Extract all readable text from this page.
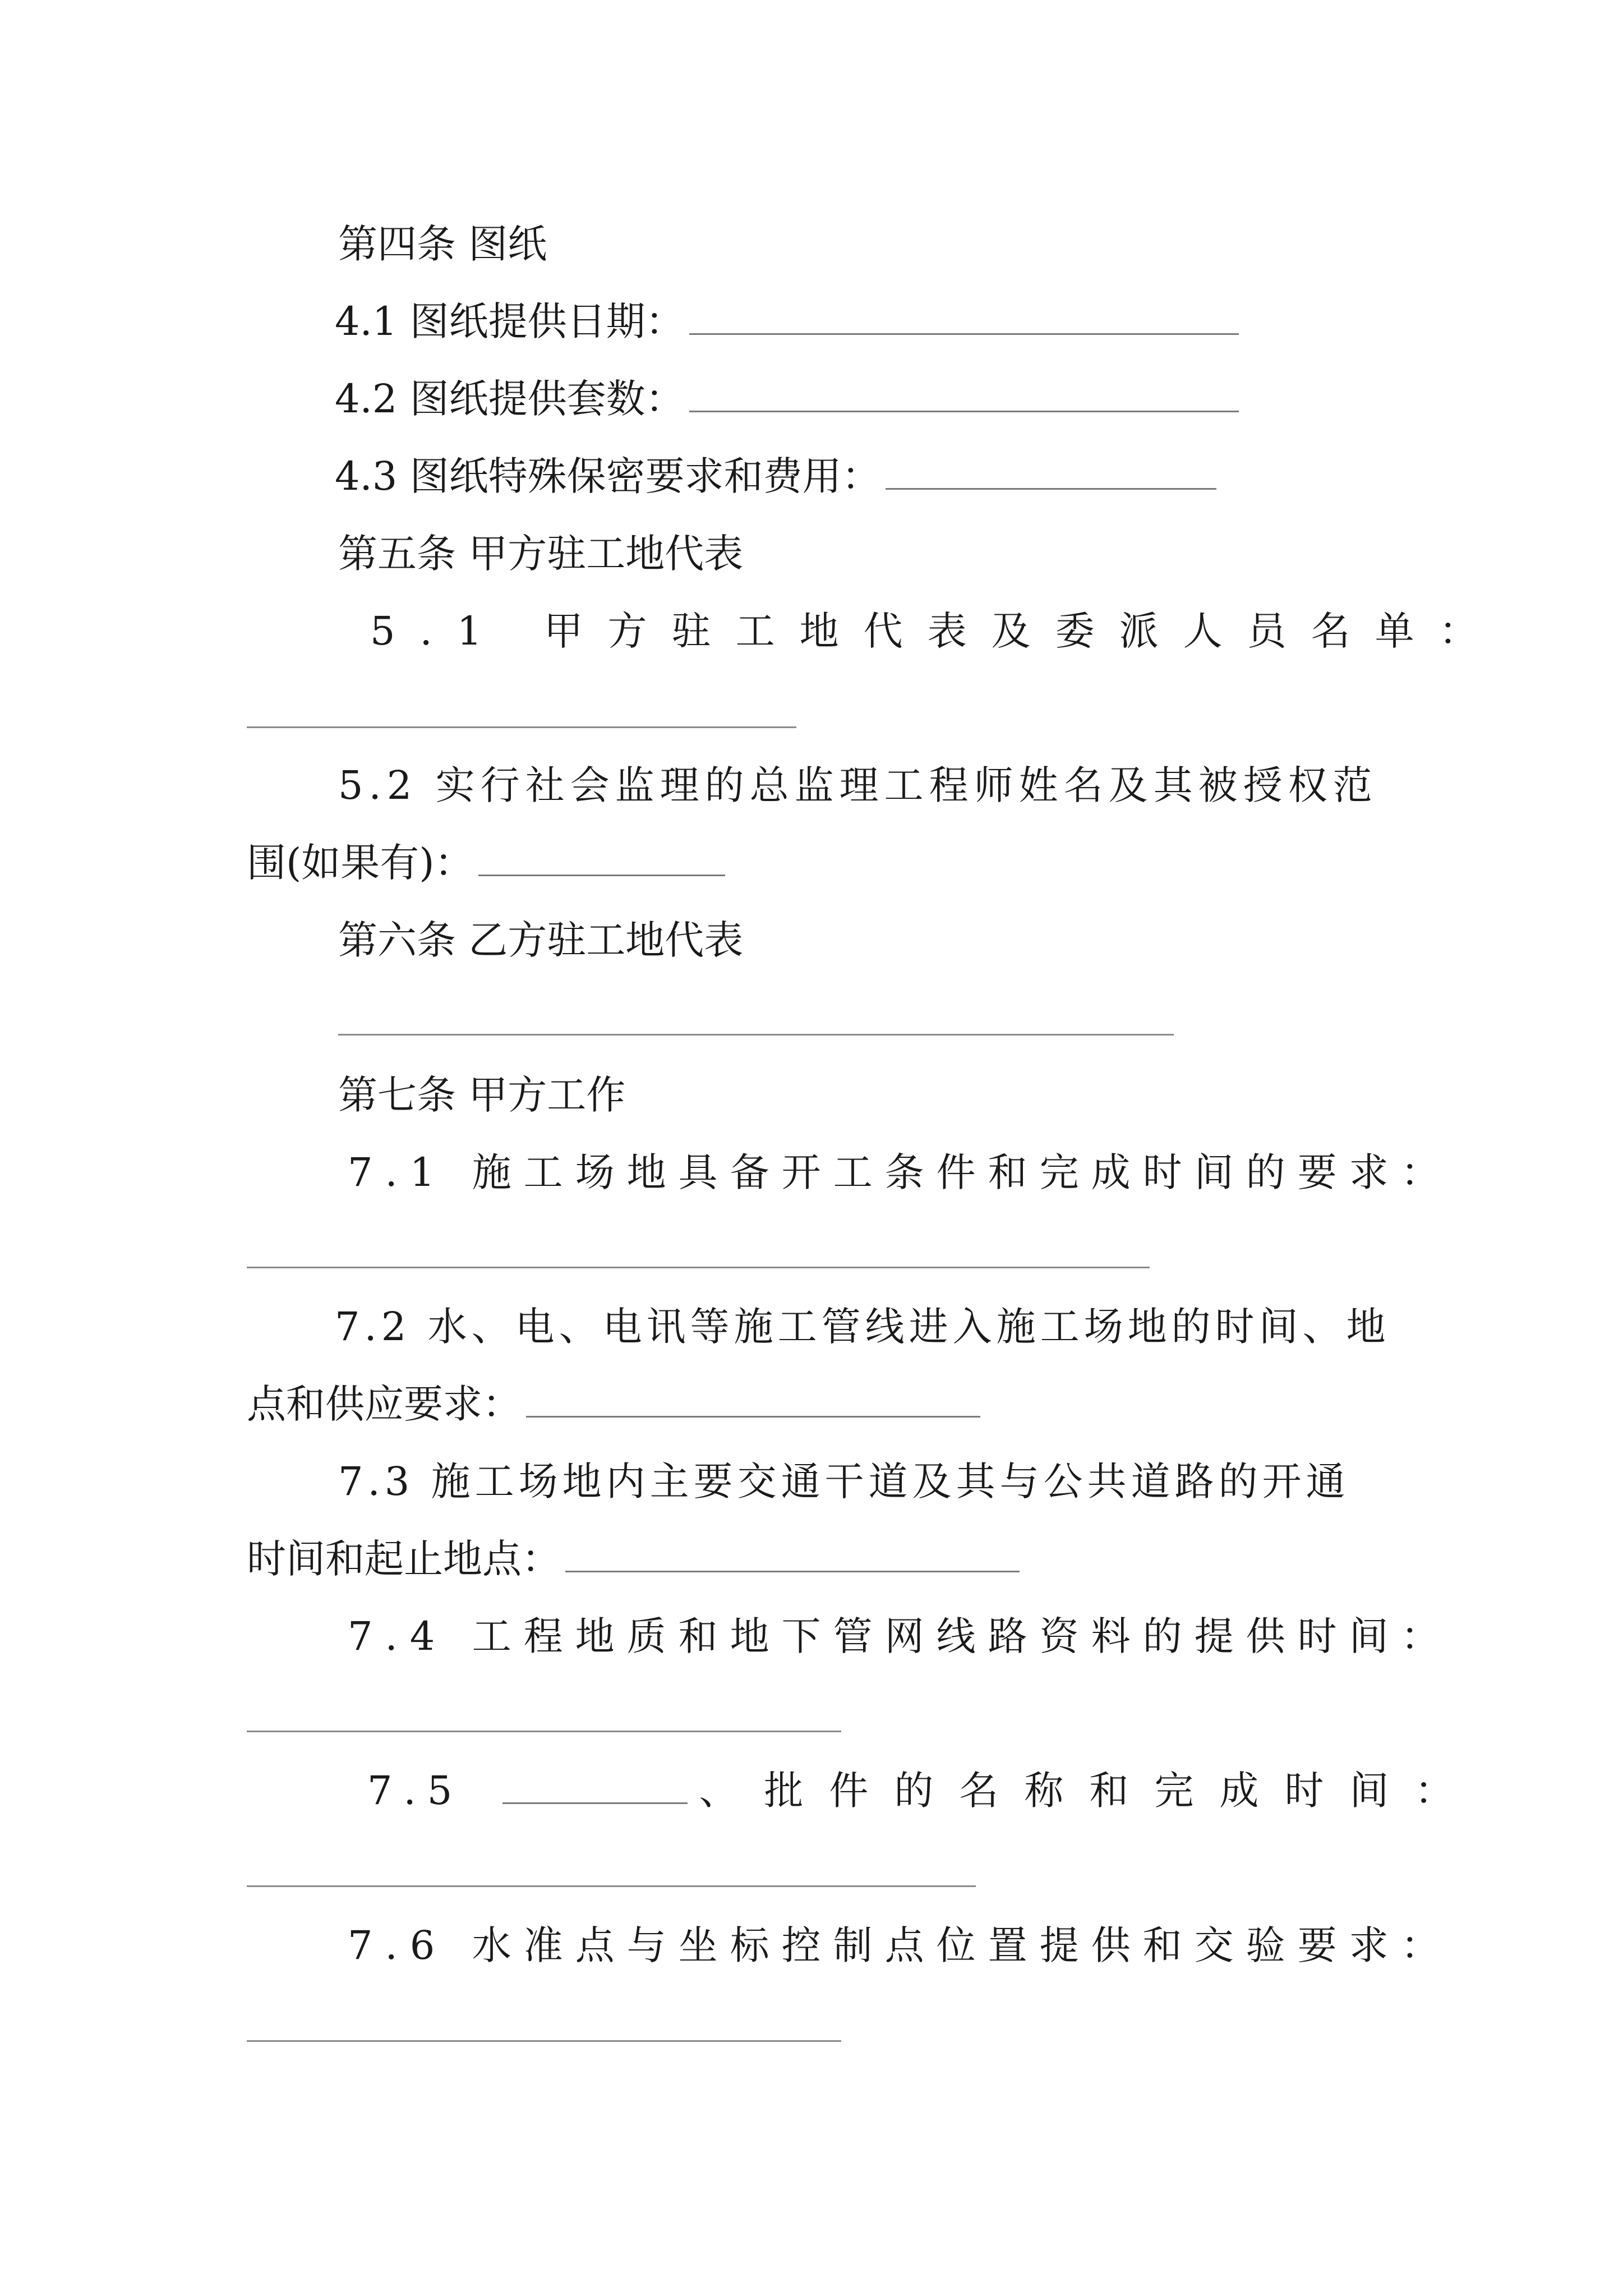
第四条 图纸
4.1 图纸提供日期：
4.2 图纸提供套数：
4.3 图纸特殊保密要求和费用：
第五条 甲方驻工地代表
5.1 甲方驻工地代表及委派人员名单：
5.2 实行社会监理的总监理工程师姓名及其被授权范
围(如果有)：
第六条 乙方驻工地代表
第七条 甲方工作
7.1 施工场地具备开工条件和完成时间的要求：
7.2 水、电、电讯等施工管线进入施工场地的时间、地
点和供应要求：
7.3 施工场地内主要交通干道及其与公共道路的开通
时间和起止地点：
7.4 工程地质和地下管网线路资料的提供时间：
7.5	、批件的名称和完成时间：
7.6 水准点与坐标控制点位置提供和交验要求：
